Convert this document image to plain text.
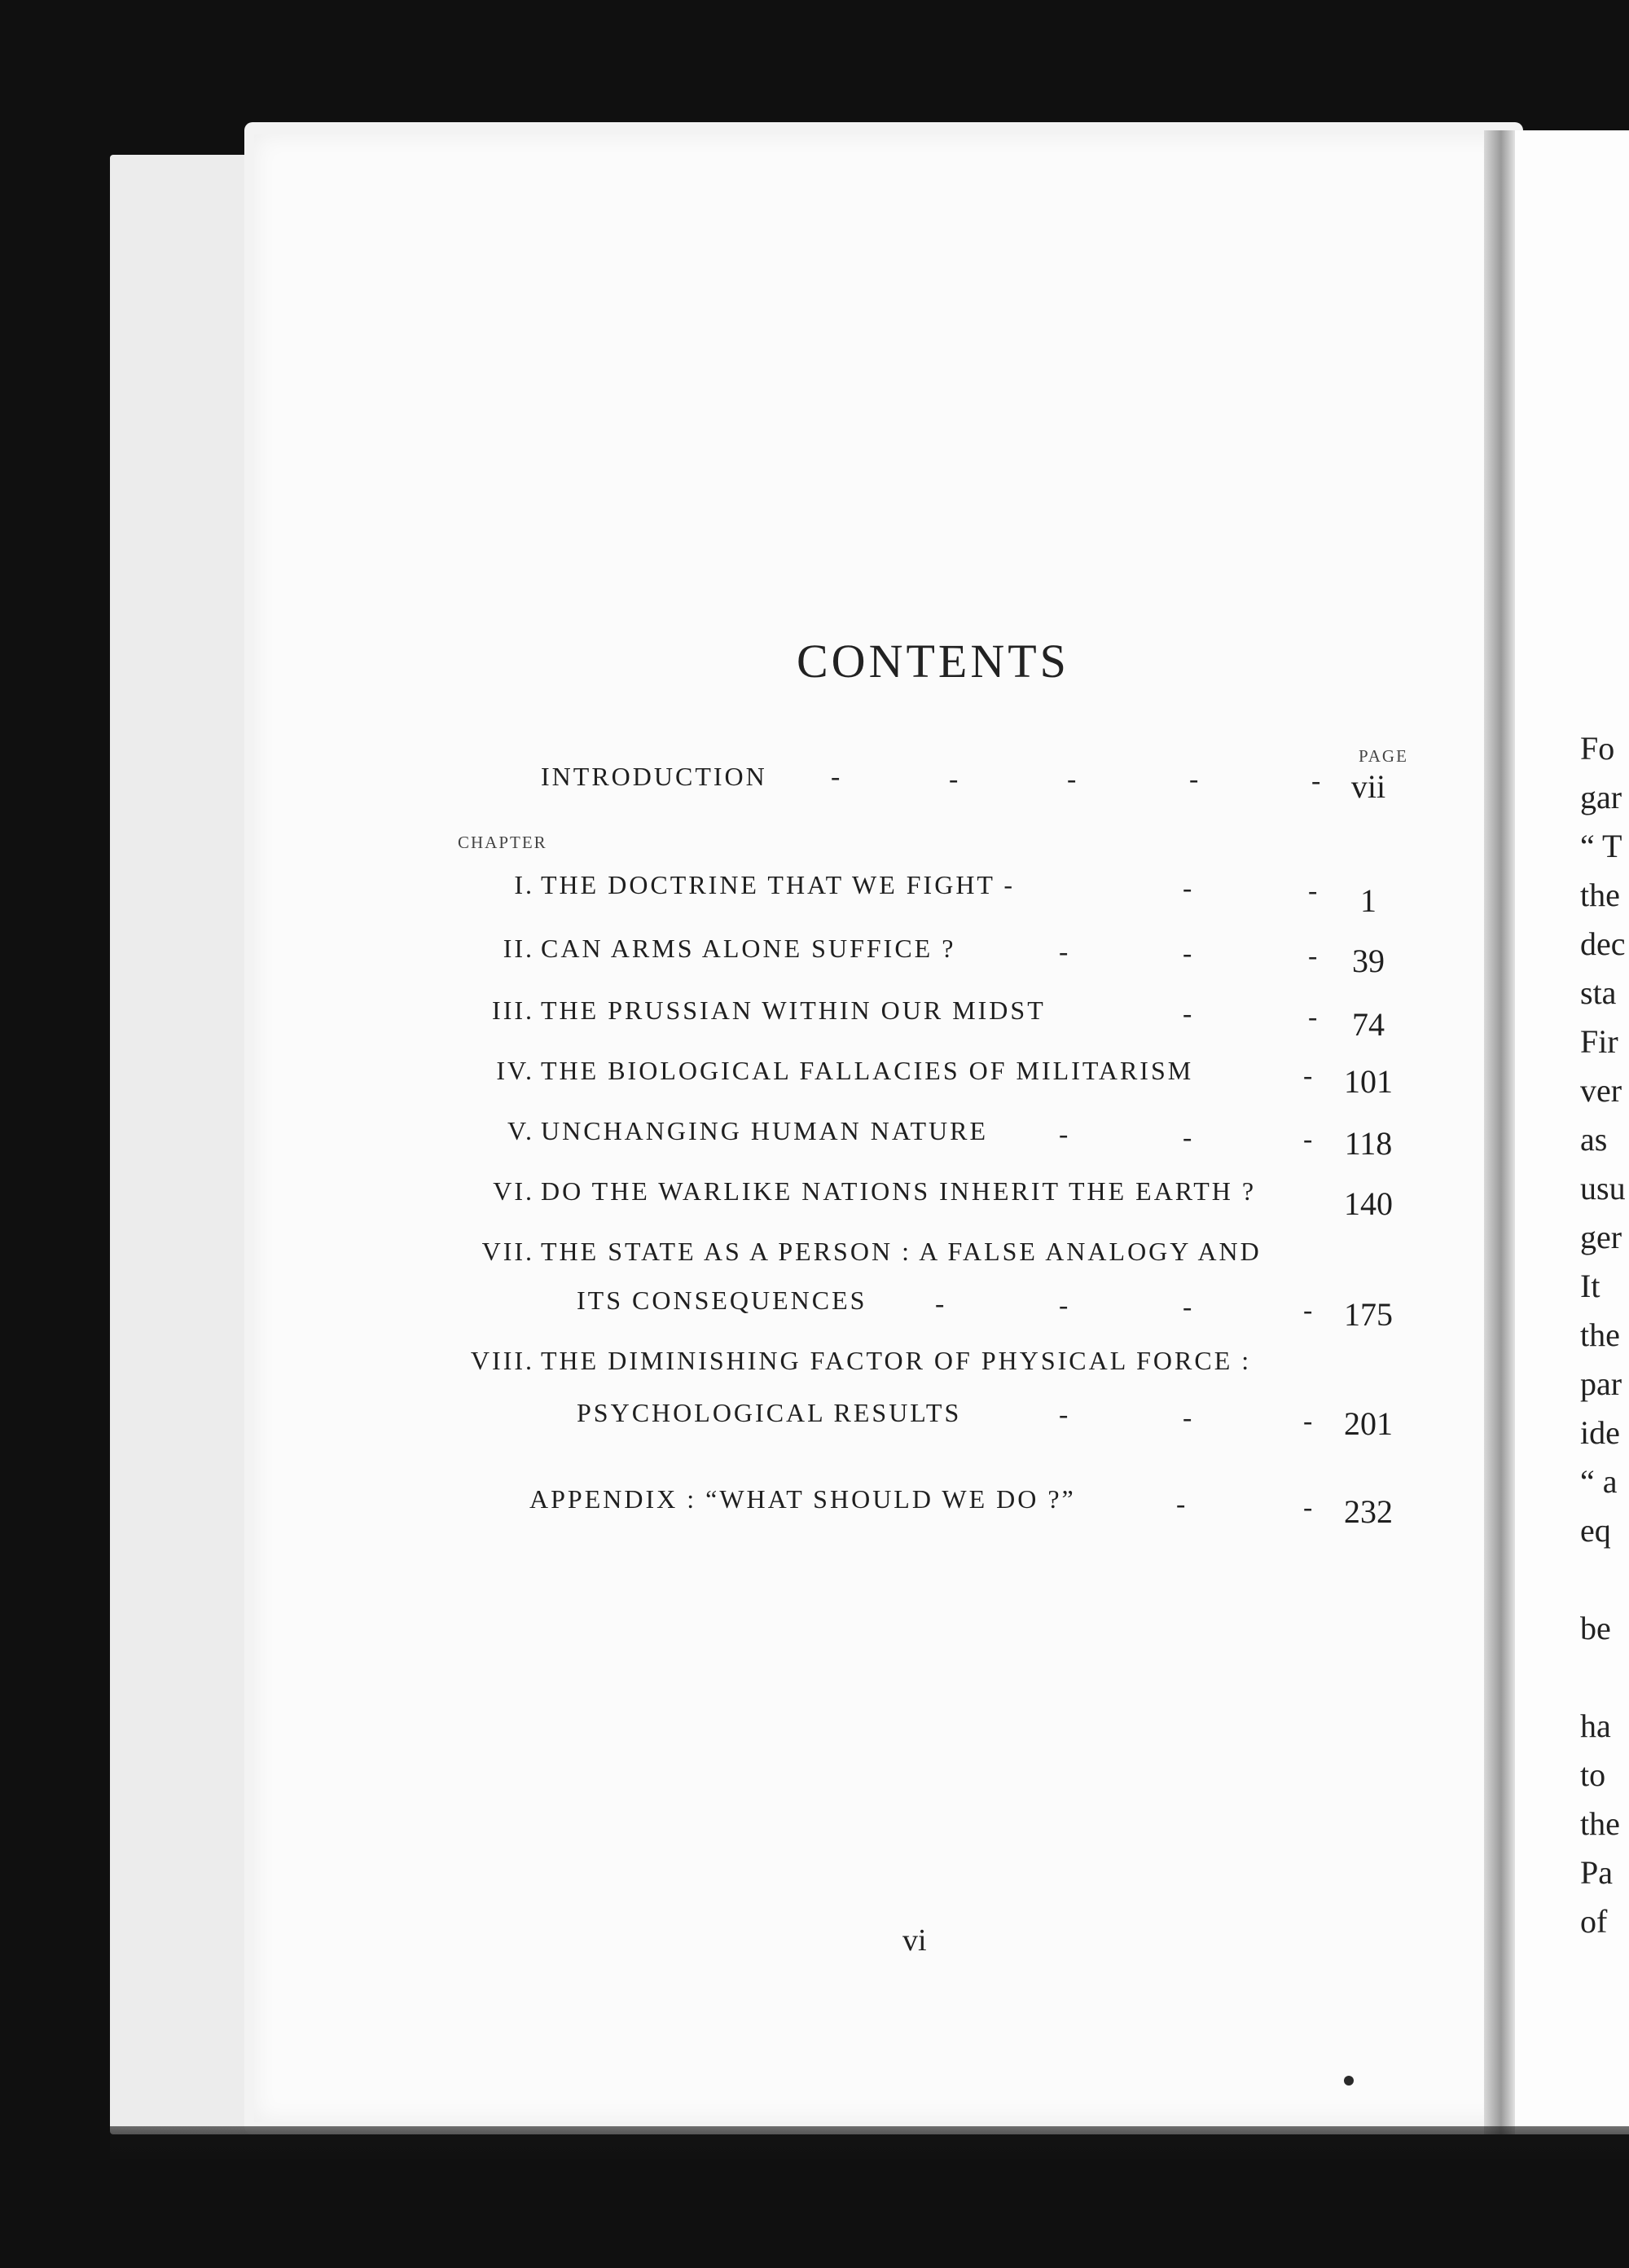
CONTENTS
PAGE
INTRODUCTION -	-	-	-	- vii
CHAPTER
I. THE DOCTRINE THAT WE FIGHT -	-	-	1
II. CAN ARMS ALONE SUFFICE ?	-	-	-	39
III. THE PRUSSIAN WITHIN OUR MIDST	-	-	74
IV. THE BIOLOGICAL FALLACIES OF MILITARISM	- 101
V. UNCHANGING HUMAN NATURE	-	-	- 118
VI. DO THE WARLIKE NATIONS INHERIT THE EARTH ?	140
VII. THE STATE AS A PERSON : A FALSE ANALOGY AND
ITS CONSEQUENCES -	-	-	- 175
VIII. THE DIMINISHING FACTOR OF PHYSICAL FORCE :
PSYCHOLOGICAL RESULTS	-	-	- 201
APPENDIX : “WHAT SHOULD WE DO ?”	-	- 232
vi
Fo
gar
“ T
the
dec
sta
Fir
ver
as
usu
ger
It
the
par
ide
“ a
eq
be
ha
to
the
Pa
of
